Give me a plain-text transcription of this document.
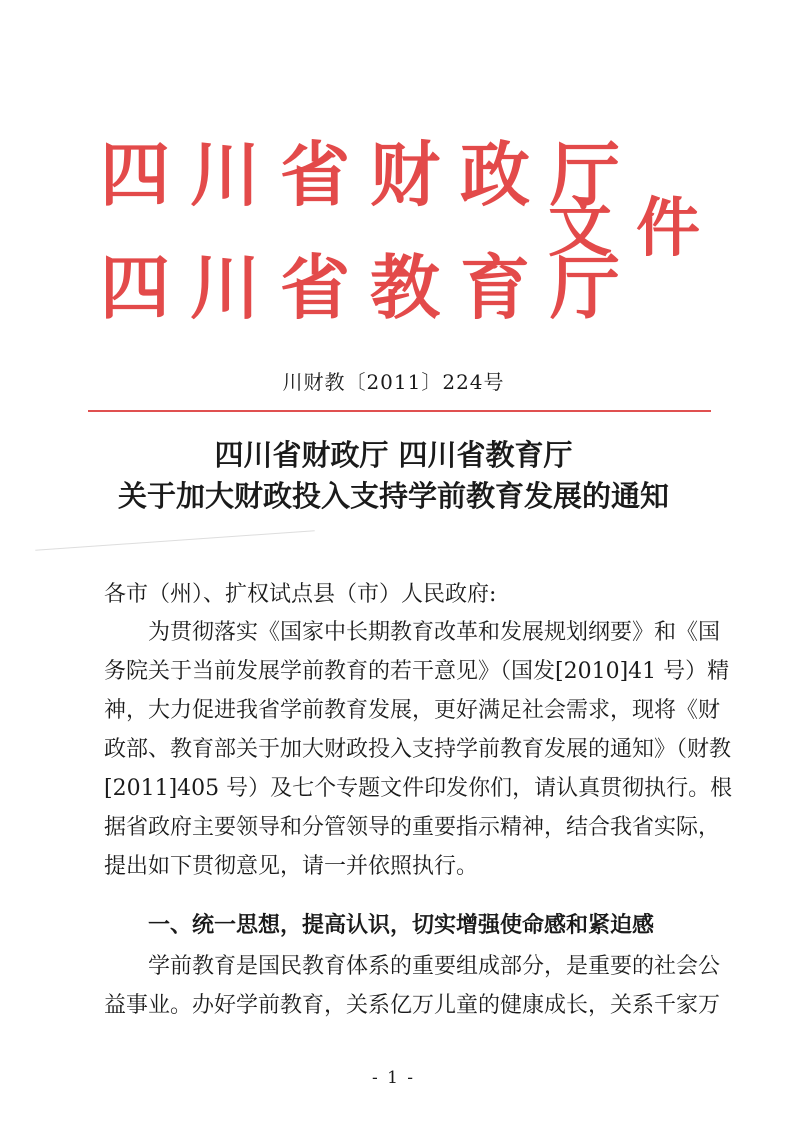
四川省财政厅
文件
四川省教育厅
川财教〔2011〕224号
四川省财政厅 四川省教育厅
关于加大财政投入支持学前教育发展的通知
各市（州）、扩权试点县（市）人民政府:
为贯彻落实《国家中长期教育改革和发展规划纲要》和《国
务院关于当前发展学前教育的若干意见》（国发[2010]41 号）精
神，大力促进我省学前教育发展，更好满足社会需求，现将《财
政部、教育部关于加大财政投入支持学前教育发展的通知》（财教
[2011]405 号）及七个专题文件印发你们，请认真贯彻执行。根
据省政府主要领导和分管领导的重要指示精神，结合我省实际，
提出如下贯彻意见，请一并依照执行。
一、统一思想，提高认识，切实增强使命感和紧迫感
学前教育是国民教育体系的重要组成部分，是重要的社会公
益事业。办好学前教育，关系亿万儿童的健康成长，关系千家万
- 1 -
